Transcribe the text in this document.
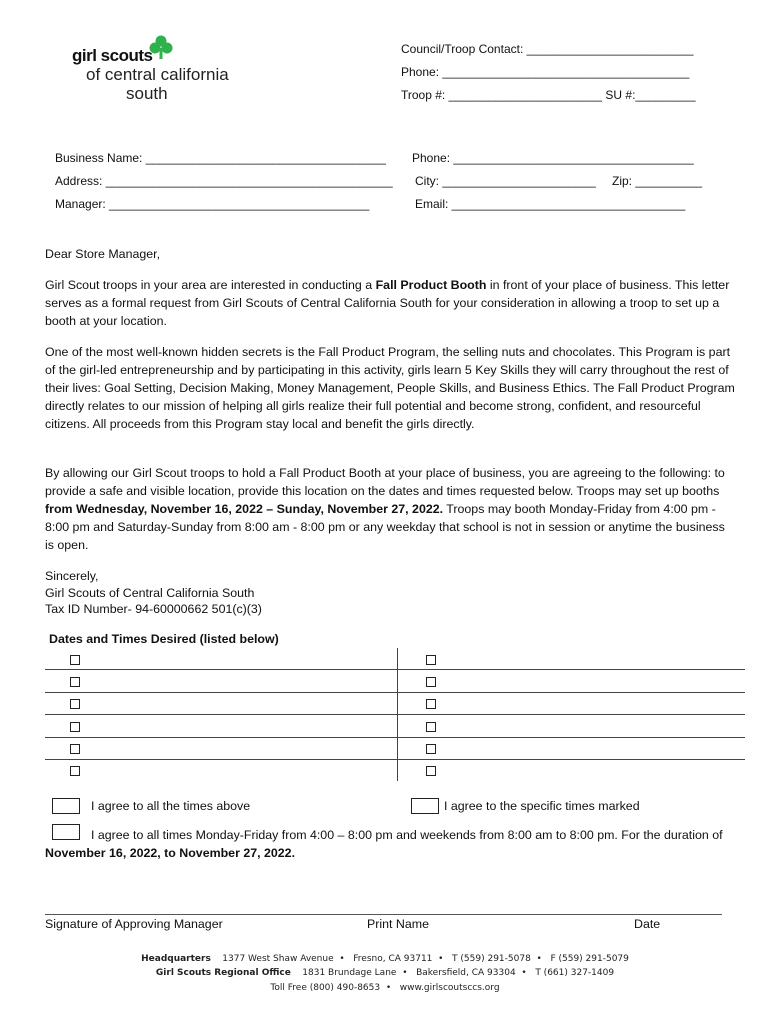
girl scouts
of central california
south
Council/Troop Contact: _________________________
Phone: _____________________________________
Troop #: _______________________ SU #:_________
Business Name: ____________________________________ Phone: ____________________________________
Address: ___________________________________________ City: _______________________ Zip: __________
Manager: _______________________________________	Email: ___________________________________
Dear Store Manager,

Girl Scout troops in your area are interested in conducting a Fall Product Booth in front of your place of business. This letter serves as a formal request from Girl Scouts of Central California South for your consideration in allowing a troop to set up a booth at your location.

One of the most well-known hidden secrets is the Fall Product Program, the selling nuts and chocolates. This Program is part of the girl-led entrepreneurship and by participating in this activity, girls learn 5 Key Skills they will carry throughout the rest of their lives: Goal Setting, Decision Making, Money Management, People Skills, and Business Ethics. The Fall Product Program directly relates to our mission of helping all girls realize their full potential and become strong, confident, and resourceful citizens. All proceeds from this Program stay local and benefit the girls directly.

By allowing our Girl Scout troops to hold a Fall Product Booth at your place of business, you are agreeing to the following: to provide a safe and visible location, provide this location on the dates and times requested below. Troops may set up booths from Wednesday, November 16, 2022 – Sunday, November 27, 2022. Troops may booth Monday-Friday from 4:00 pm - 8:00 pm and Saturday-Sunday from 8:00 am - 8:00 pm or any weekday that school is not in session or anytime the business is open.

Sincerely,
Girl Scouts of Central California South
Tax ID Number- 94-60000662 501(c)(3)
Dates and Times Desired (listed below)

I agree to all the times above	I agree to the specific times marked
I agree to all times Monday-Friday from 4:00 – 8:00 pm and weekends from 8:00 am to 8:00 pm. For the duration of November 16, 2022, to November 27, 2022.
Signature of Approving Manager	Print Name	Date
Headquarters 1377 West Shaw Avenue • Fresno, CA 93711 • T (559) 291-5078 • F (559) 291-5079
Girl Scouts Regional Office 1831 Brundage Lane • Bakersfield, CA 93304 • T (661) 327-1409
Toll Free (800) 490-8653 • www.girlscoutsccs.org
